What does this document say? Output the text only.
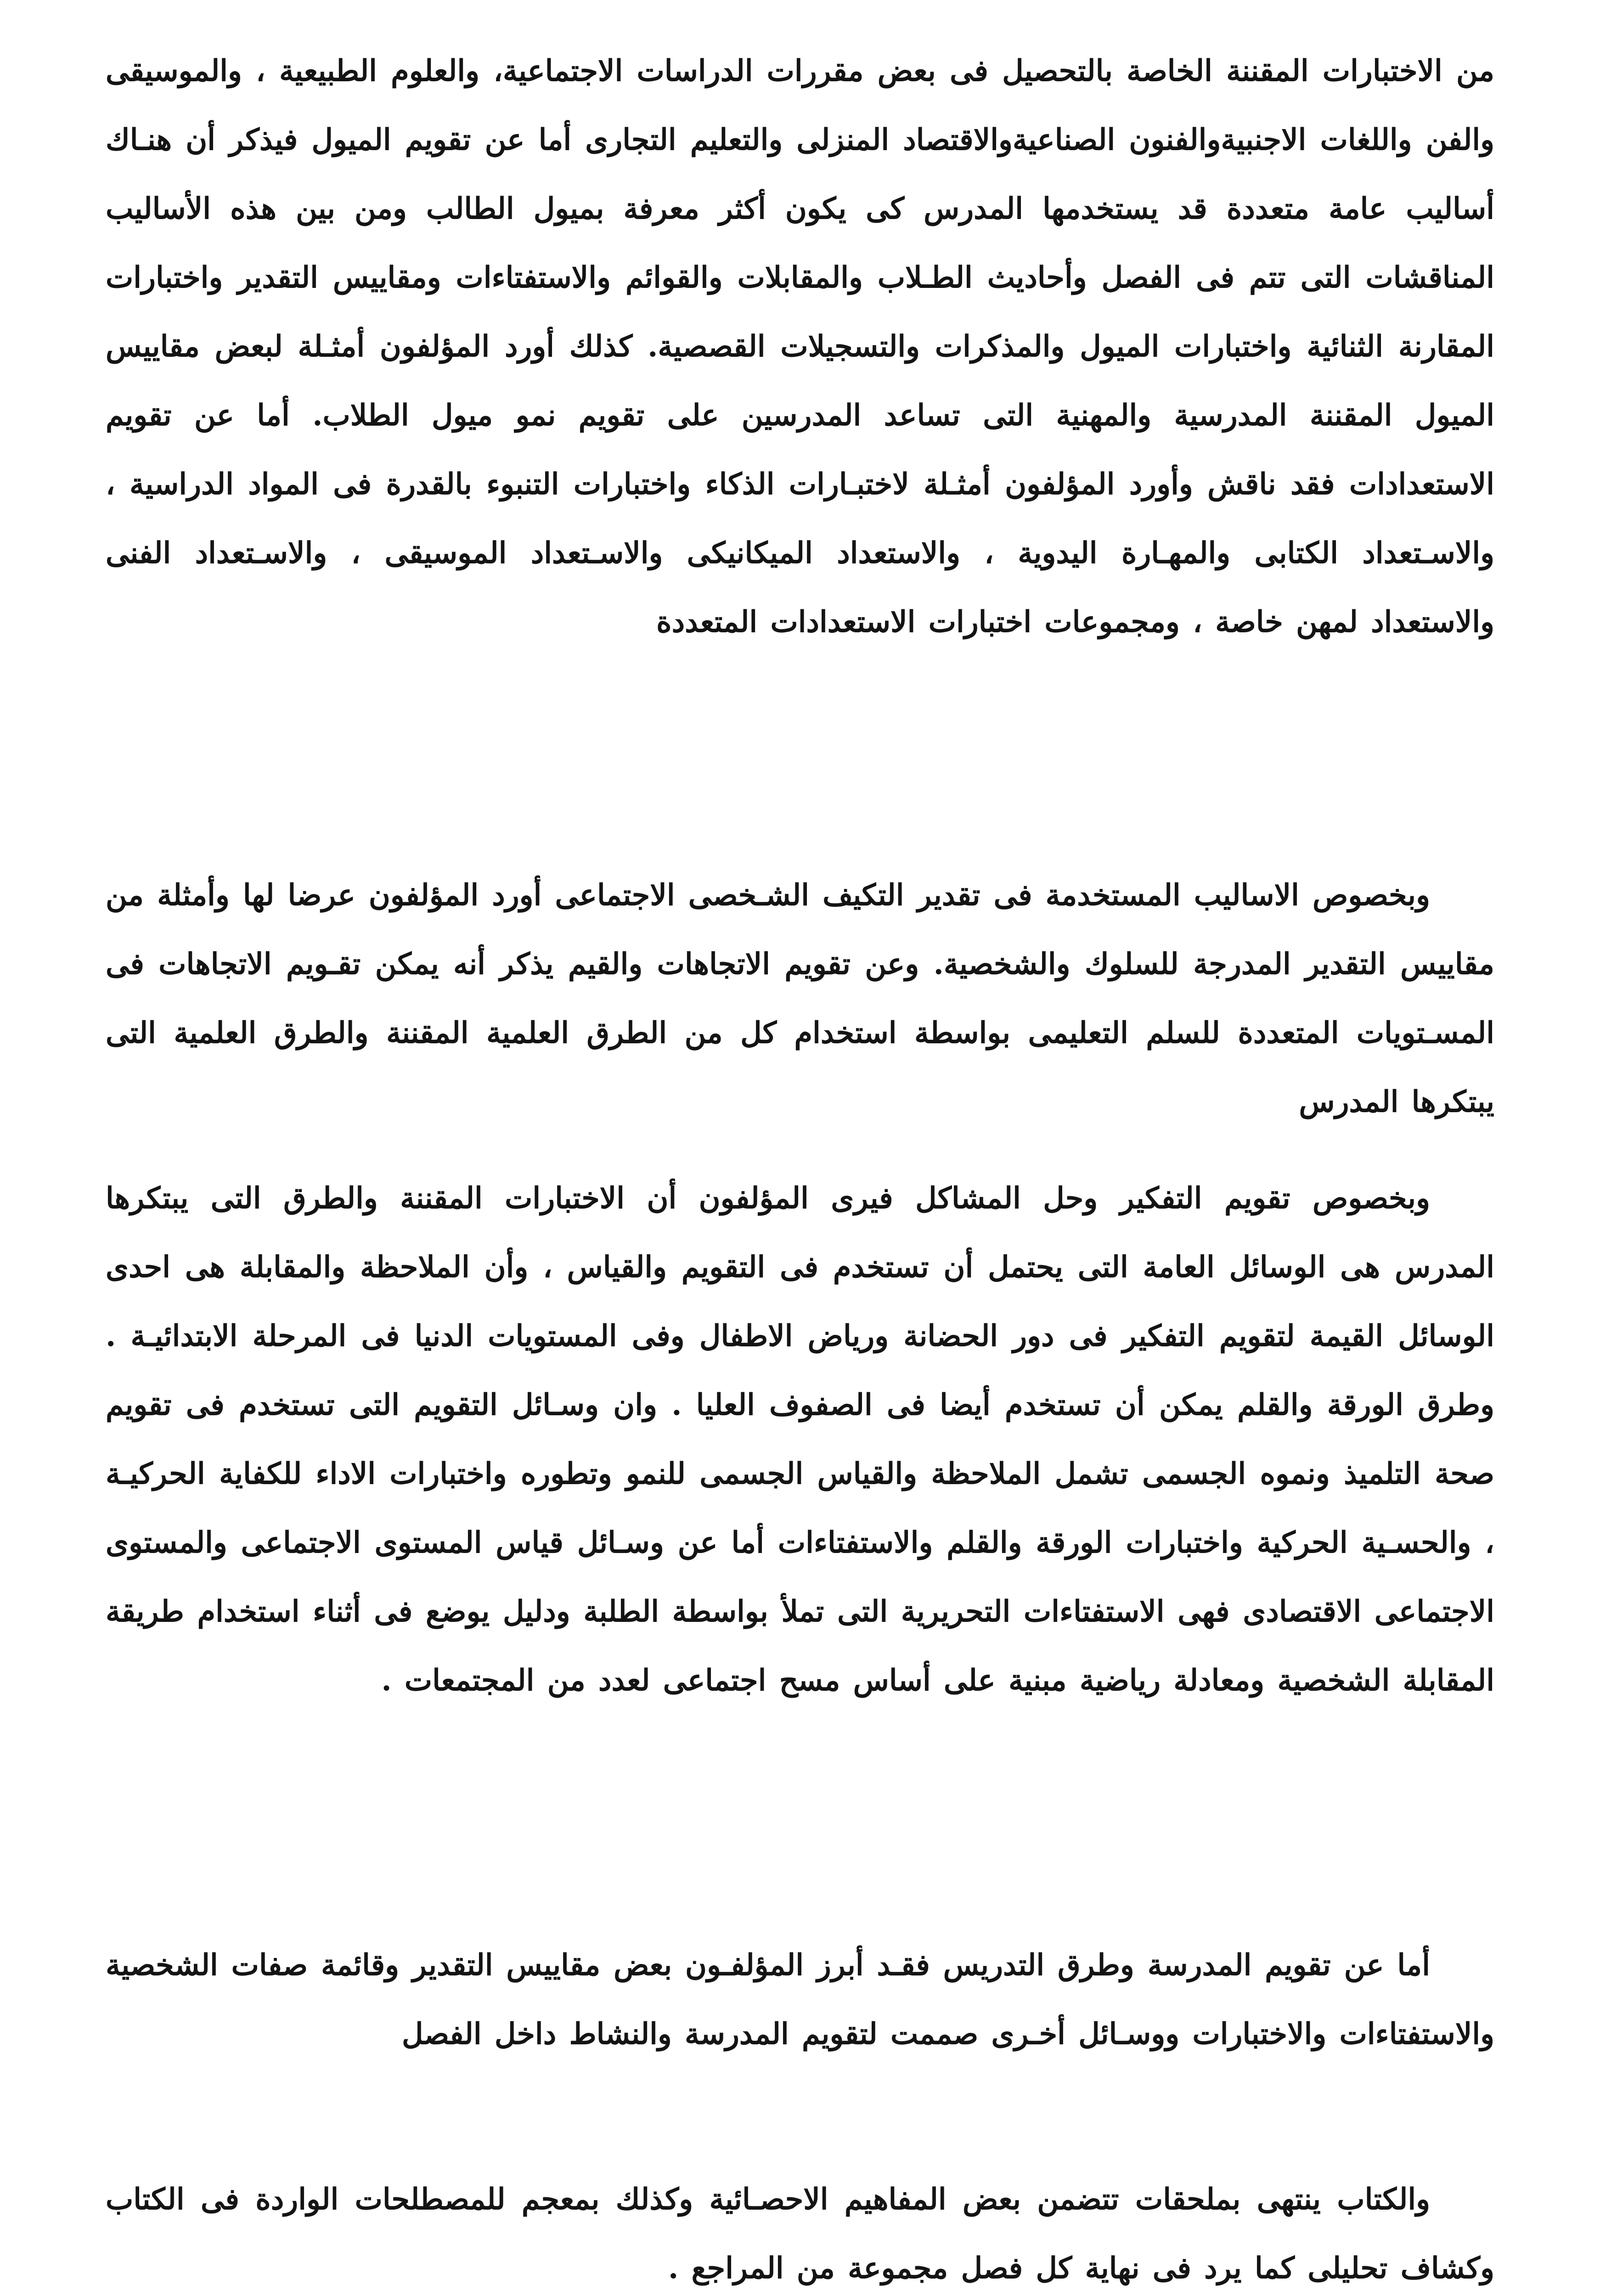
من الاختبارات المقننة الخاصة بالتحصيل فى بعض مقررات الدراسات الاجتماعية، والعلوم الطبيعية ، والموسيقى والفن واللغات الاجنبيةوالفنون الصناعيةوالاقتصاد المنزلى والتعليم التجارى أما عن تقويم الميول فيذكر أن هنـاك أساليب عامة متعددة قد يستخدمها المدرس كى يكون أكثر معرفة بميول الطالب ومن بين هذه الأساليب المناقشات التى تتم فى الفصل وأحاديث الطـلاب والمقابلات والقوائم والاستفتاءات ومقاييس التقدير واختبارات المقارنة الثنائية واختبارات الميول والمذكرات والتسجيلات القصصية. كذلك أورد المؤلفون أمثـلة لبعض مقاييس الميول المقننة المدرسية والمهنية التى تساعد المدرسين على تقويم نمو ميول الطلاب. أما عن تقويم الاستعدادات فقد ناقش وأورد المؤلفون أمثـلة لاختبـارات الذكاء واختبارات التنبوء بالقدرة فى المواد الدراسية ، والاسـتعداد الكتابى والمهـارة اليدوية ، والاستعداد الميكانيكى والاسـتعداد الموسيقى ، والاسـتعداد الفنى والاستعداد لمهن خاصة ، ومجموعات اختبارات الاستعدادات المتعددة

وبخصوص الاساليب المستخدمة فى تقدير التكيف الشـخصى الاجتماعى أورد المؤلفون عرضا لها وأمثلة من مقاييس التقدير المدرجة للسلوك والشخصية. وعن تقويم الاتجاهات والقيم يذكر أنه يمكن تقـويم الاتجاهات فى المسـتويات المتعددة للسلم التعليمى بواسطة استخدام كل من الطرق العلمية المقننة والطرق العلمية التى يبتكرها المدرس

وبخصوص تقويم التفكير وحل المشاكل فيرى المؤلفون أن الاختبارات المقننة والطرق التى يبتكرها المدرس هى الوسائل العامة التى يحتمل أن تستخدم فى التقويم والقياس ، وأن الملاحظة والمقابلة هى احدى الوسائل القيمة لتقويم التفكير فى دور الحضانة ورياض الاطفال وفى المستويات الدنيا فى المرحلة الابتدائيـة . وطرق الورقة والقلم يمكن أن تستخدم أيضا فى الصفوف العليا . وان وسـائل التقويم التى تستخدم فى تقويم صحة التلميذ ونموه الجسمى تشمل الملاحظة والقياس الجسمى للنمو وتطوره واختبارات الاداء للكفاية الحركيـة ، والحسـية الحركية واختبارات الورقة والقلم والاستفتاءات أما عن وسـائل قياس المستوى الاجتماعى والمستوى الاجتماعى الاقتصادى فهى الاستفتاءات التحريرية التى تملأ بواسطة الطلبة ودليل يوضع فى أثناء استخدام طريقة المقابلة الشخصية ومعادلة رياضية مبنية على أساس مسح اجتماعى لعدد من المجتمعات .

أما عن تقويم المدرسة وطرق التدريس فقـد أبرز المؤلفـون بعض مقاييس التقدير وقائمة صفات الشخصية والاستفتاءات والاختبارات ووسـائل أخـرى صممت لتقويم المدرسة والنشاط داخل الفصل

والكتاب ينتهى بملحقات تتضمن بعض المفاهيم الاحصـائية وكذلك بمعجم للمصطلحات الواردة فى الكتاب وكشاف تحليلى كما يرد فى نهاية كل فصل مجموعة من المراجع .
